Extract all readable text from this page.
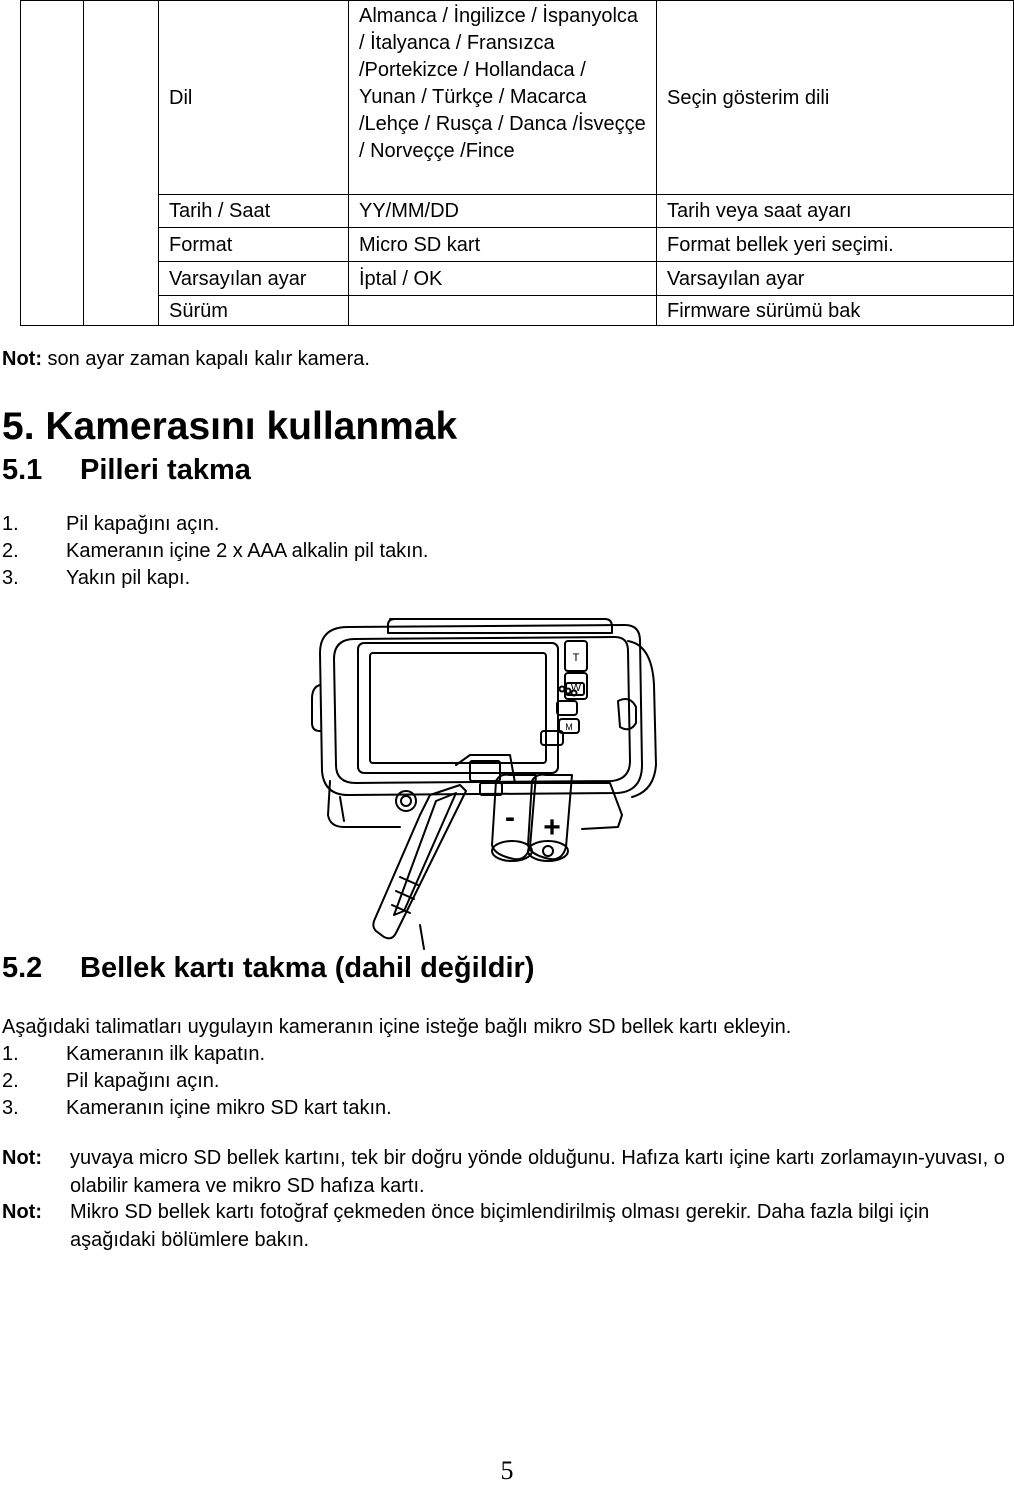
		Dil	Almanca / İngilizce / İspanyolca / İtalyanca / Fransızca /Portekizce / Hollandaca / Yunan / Türkçe / Macarca /Lehçe / Rusça / Danca /İsveççe / Norveççe /Fince	Seçin gösterim dili
		Tarih / Saat	YY/MM/DD	Tarih veya saat ayarı
		Format	Micro SD kart	Format bellek yeri seçimi.
		Varsayılan ayar	İptal / OK	Varsayılan ayar
		Sürüm		Firmware sürümü bak
Not: son ayar zaman kapalı kalır kamera.
5. Kamerasını kullanmak
5.1 Pilleri takma
1. Pil kapağını açın.
2. Kameranın içine 2 x AAA alkalin pil takın.
3. Yakın pil kapı.
T
W
M
- +
5.2 Bellek kartı takma (dahil değildir)
Aşağıdaki talimatları uygulayın kameranın içine isteğe bağlı mikro SD bellek kartı ekleyin.
1. Kameranın ilk kapatın.
2. Pil kapağını açın.
3. Kameranın içine mikro SD kart takın.
Not: yuvaya micro SD bellek kartını, tek bir doğru yönde olduğunu. Hafıza kartı içine kartı zorlamayın-yuvası, o olabilir kamera ve mikro SD hafıza kartı.
Not: Mikro SD bellek kartı fotoğraf çekmeden önce biçimlendirilmiş olması gerekir. Daha fazla bilgi için aşağıdaki bölümlere bakın.
5
